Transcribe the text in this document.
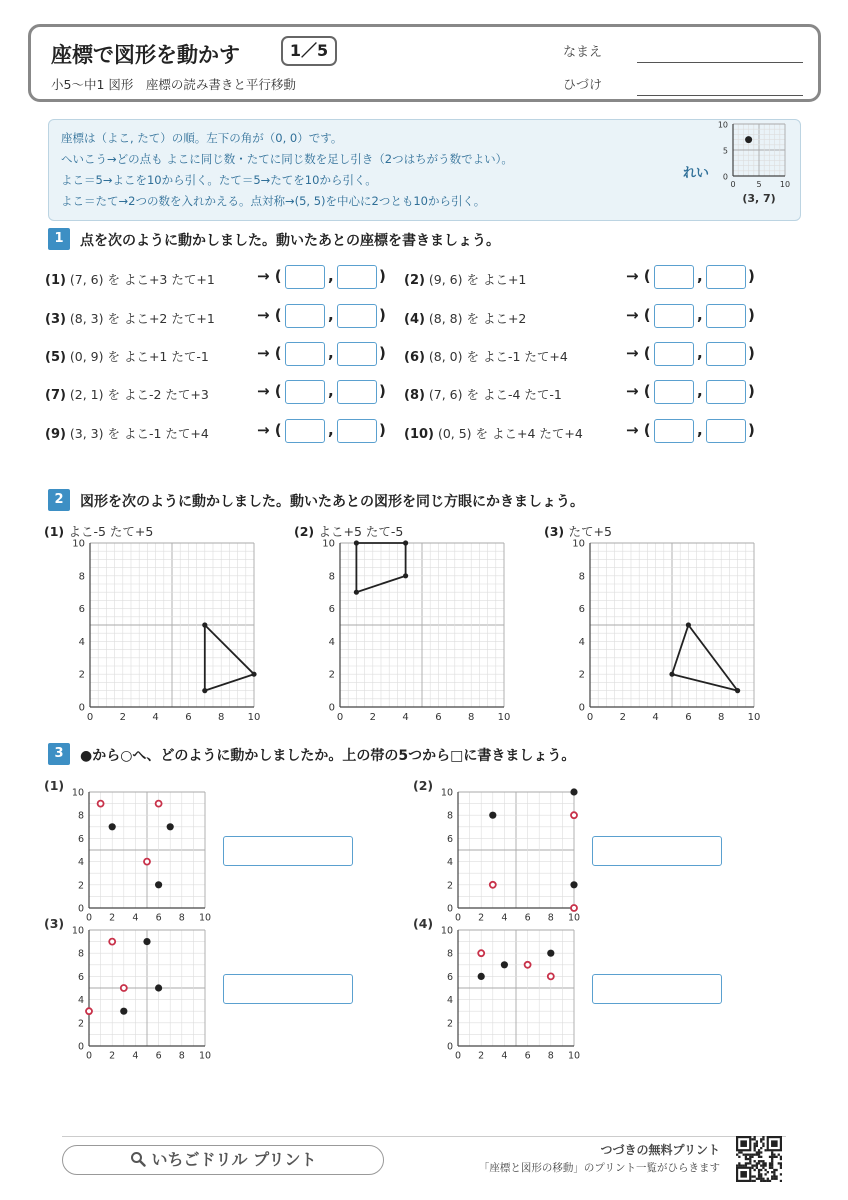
座標で図形を動かす	1／5
小5～中1 図形　座標の読み書きと平行移動
なまえ
ひづけ
座標は（よこ, たて）の順。左下の角が（0, 0）です。
へいこう→どの点も よこに同じ数・たてに同じ数を足し引き（2つはちがう数でよい）。
よこ＝5→よこを10から引く。たて＝5→たてを10から引く。
よこ＝たて→2つの数を入れかえる。点対称→(5, 5)を中心に2つとも10から引く。
れい
0
0
5
5
10
10
(3, 7)
1	点を次のように動かしました。動いたあとの座標を書きましょう。
(1) (7, 6) を よこ+3 たて+1	→ (	,	) (2) (9, 6) を よこ+1	→ (	,	)
(3) (8, 3) を よこ+2 たて+1	→ (	,	) (4) (8, 8) を よこ+2	→ (	,	)
(5) (0, 9) を よこ+1 たて-1	→ (	,	) (6) (8, 0) を よこ-1 たて+4	→ (	,	)
(7) (2, 1) を よこ-2 たて+3	→ (	,	) (8) (7, 6) を よこ-4 たて-1	→ (	,	)
(9) (3, 3) を よこ-1 たて+4	→ (	,	) (10) (0, 5) を よこ+4 たて+4	→ (	,	)
2	図形を次のように動かしました。動いたあとの図形を同じ方眼にかきましょう。
(1) よこ-5 たて+5
0
0
2
2
4
4
6
6
8
8
10
10
(2) よこ+5 たて-5
0
0
2
2
4
4
6
6
8
8
10
10
(3) たて+5
0
0
2
2
4
4
6
6
8
8
10
10
3	●から○へ、どのように動かしましたか。上の帯の5つから□に書きましょう。
(1)
0
0
2
2
4
4
6
6
8
8
10
10	(2)
0
0
2
2
4
4
6
6
8
8
10
10
(3)
0
0
2
2
4
4
6
6
8
8
10
10	(4)
0
0
2
2
4
4
6
6
8
8
10
10
いちごドリル プリント	つづきの無料プリント
「座標と図形の移動」のプリント一覧がひらきます
